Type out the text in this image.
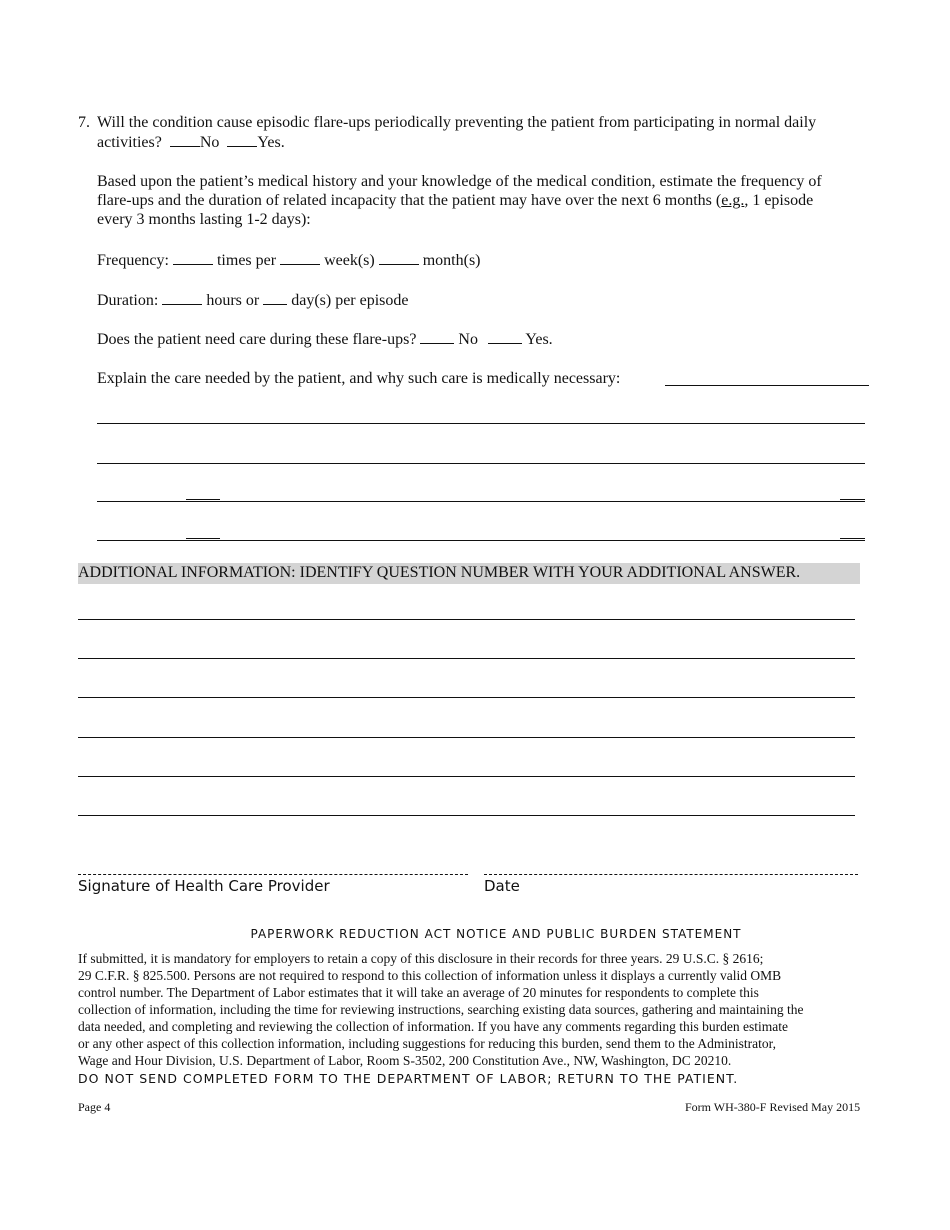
7. Will the condition cause episodic flare-ups periodically preventing the patient from participating in normal daily
activities? No Yes.
Based upon the patient’s medical history and your knowledge of the medical condition, estimate the frequency of
flare-ups and the duration of related incapacity that the patient may have over the next 6 months (e.g., 1 episode
every 3 months lasting 1-2 days):
Frequency:	times per	week(s)	month(s)
Duration:	hours or day(s) per episode
Does the patient need care during these flare-ups?	No	Yes.
Explain the care needed by the patient, and why such care is medically necessary:
ADDITIONAL INFORMATION: IDENTIFY QUESTION NUMBER WITH YOUR ADDITIONAL ANSWER.
Signature of Health Care Provider	Date
PAPERWORK REDUCTION ACT NOTICE AND PUBLIC BURDEN STATEMENT
If submitted, it is mandatory for employers to retain a copy of this disclosure in their records for three years. 29 U.S.C. § 2616;
29 C.F.R. § 825.500. Persons are not required to respond to this collection of information unless it displays a currently valid OMB
control number. The Department of Labor estimates that it will take an average of 20 minutes for respondents to complete this
collection of information, including the time for reviewing instructions, searching existing data sources, gathering and maintaining the
data needed, and completing and reviewing the collection of information. If you have any comments regarding this burden estimate
or any other aspect of this collection information, including suggestions for reducing this burden, send them to the Administrator,
Wage and Hour Division, U.S. Department of Labor, Room S-3502, 200 Constitution Ave., NW, Washington, DC 20210.
DO NOT SEND COMPLETED FORM TO THE DEPARTMENT OF LABOR; RETURN TO THE PATIENT.
Page 4	Form WH-380-F Revised May 2015
